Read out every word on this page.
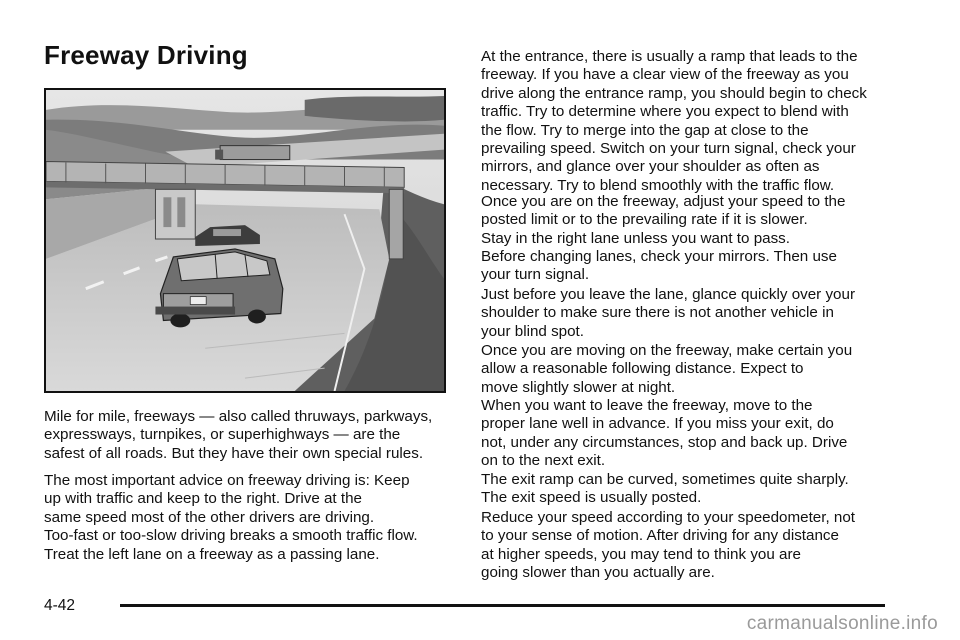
Freeway Driving

Mile for mile, freeways — also called thruways, parkways,
expressways, turnpikes, or superhighways — are the
safest of all roads. But they have their own special rules.

The most important advice on freeway driving is: Keep
up with traffic and keep to the right. Drive at the
same speed most of the other drivers are driving.
Too-fast or too-slow driving breaks a smooth traffic flow.
Treat the left lane on a freeway as a passing lane.

At the entrance, there is usually a ramp that leads to the
freeway. If you have a clear view of the freeway as you
drive along the entrance ramp, you should begin to check
traffic. Try to determine where you expect to blend with
the flow. Try to merge into the gap at close to the
prevailing speed. Switch on your turn signal, check your
mirrors, and glance over your shoulder as often as
necessary. Try to blend smoothly with the traffic flow.

Once you are on the freeway, adjust your speed to the
posted limit or to the prevailing rate if it is slower.
Stay in the right lane unless you want to pass.

Before changing lanes, check your mirrors. Then use
your turn signal.

Just before you leave the lane, glance quickly over your
shoulder to make sure there is not another vehicle in
your blind spot.

Once you are moving on the freeway, make certain you
allow a reasonable following distance. Expect to
move slightly slower at night.

When you want to leave the freeway, move to the
proper lane well in advance. If you miss your exit, do
not, under any circumstances, stop and back up. Drive
on to the next exit.

The exit ramp can be curved, sometimes quite sharply.
The exit speed is usually posted.

Reduce your speed according to your speedometer, not
to your sense of motion. After driving for any distance
at higher speeds, you may tend to think you are
going slower than you actually are.

4-42
carmanualsonline.info
